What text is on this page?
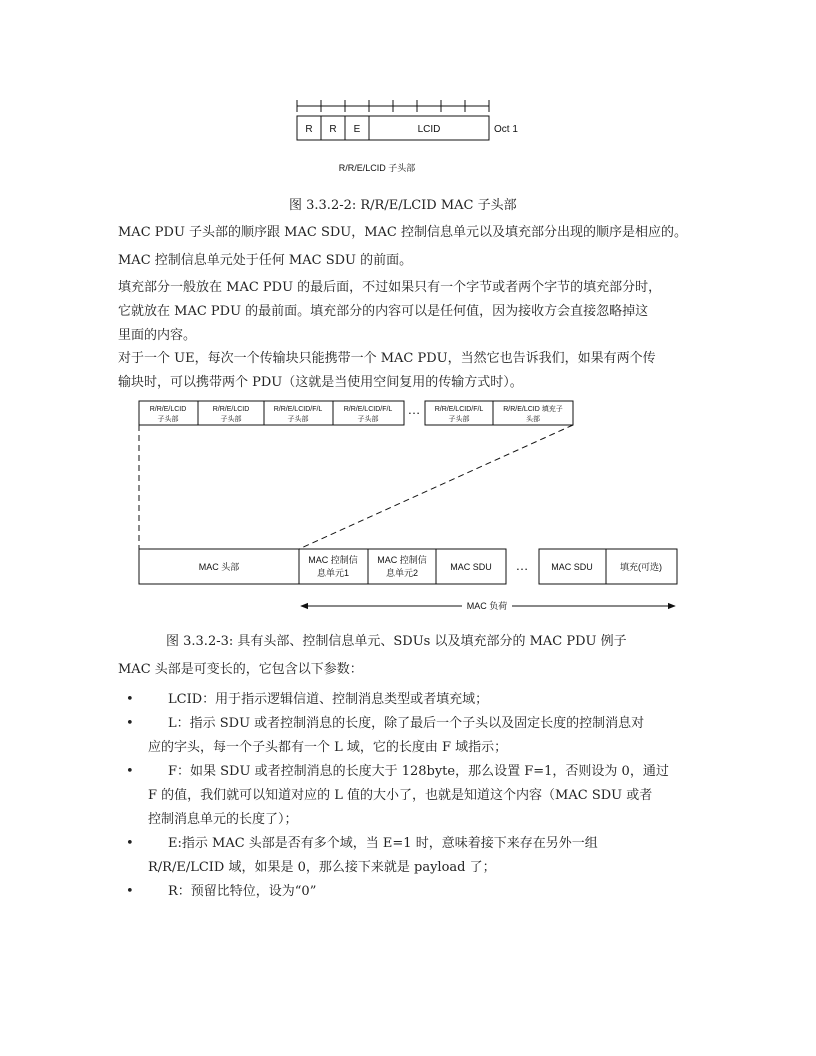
R R E	LCID	Oct 1
R/R/E/LCID 子头部
R/R/E/LCID
子头部
R/R/E/LCID
子头部
R/R/E/LCID/F/L
子头部
R/R/E/LCID/F/L
子头部
R/R/E/LCID/F/L
子头部
R/R/E/LCID 填充子
头部
…
MAC 头部
MAC 控制信
息单元1
MAC 控制信
息单元2
MAC SDU	MAC SDU	填充(可选)
…
MAC 负荷
图 3.3.2-2: R/R/E/LCID MAC 子头部

MAC PDU 子头部的顺序跟 MAC SDU，MAC 控制信息单元以及填充部分出现的顺序是相应的。

MAC 控制信息单元处于任何 MAC SDU 的前面。

填充部分一般放在 MAC PDU 的最后面，不过如果只有一个字节或者两个字节的填充部分时，
它就放在 MAC PDU 的最前面。填充部分的内容可以是任何值，因为接收方会直接忽略掉这
里面的内容。

对于一个 UE，每次一个传输块只能携带一个 MAC PDU，当然它也告诉我们，如果有两个传
输块时，可以携带两个 PDU（这就是当使用空间复用的传输方式时）。

图 3.3.2-3: 具有头部、控制信息单元、SDUs 以及填充部分的 MAC PDU 例子

MAC 头部是可变长的，它包含以下参数：

•	LCID：用于指示逻辑信道、控制消息类型或者填充域；
•	L：指示 SDU 或者控制消息的长度，除了最后一个子头以及固定长度的控制消息对
应的字头，每一个子头都有一个 L 域，它的长度由 F 域指示；
•	F：如果 SDU 或者控制消息的长度大于 128byte，那么设置 F=1，否则设为 0，通过
F 的值，我们就可以知道对应的 L 值的大小了，也就是知道这个内容（MAC SDU 或者
控制消息单元的长度了）；
•	E:指示 MAC 头部是否有多个域，当 E=1 时，意味着接下来存在另外一组
R/R/E/LCID 域，如果是 0，那么接下来就是 payload 了；
•	R：预留比特位，设为“0”
